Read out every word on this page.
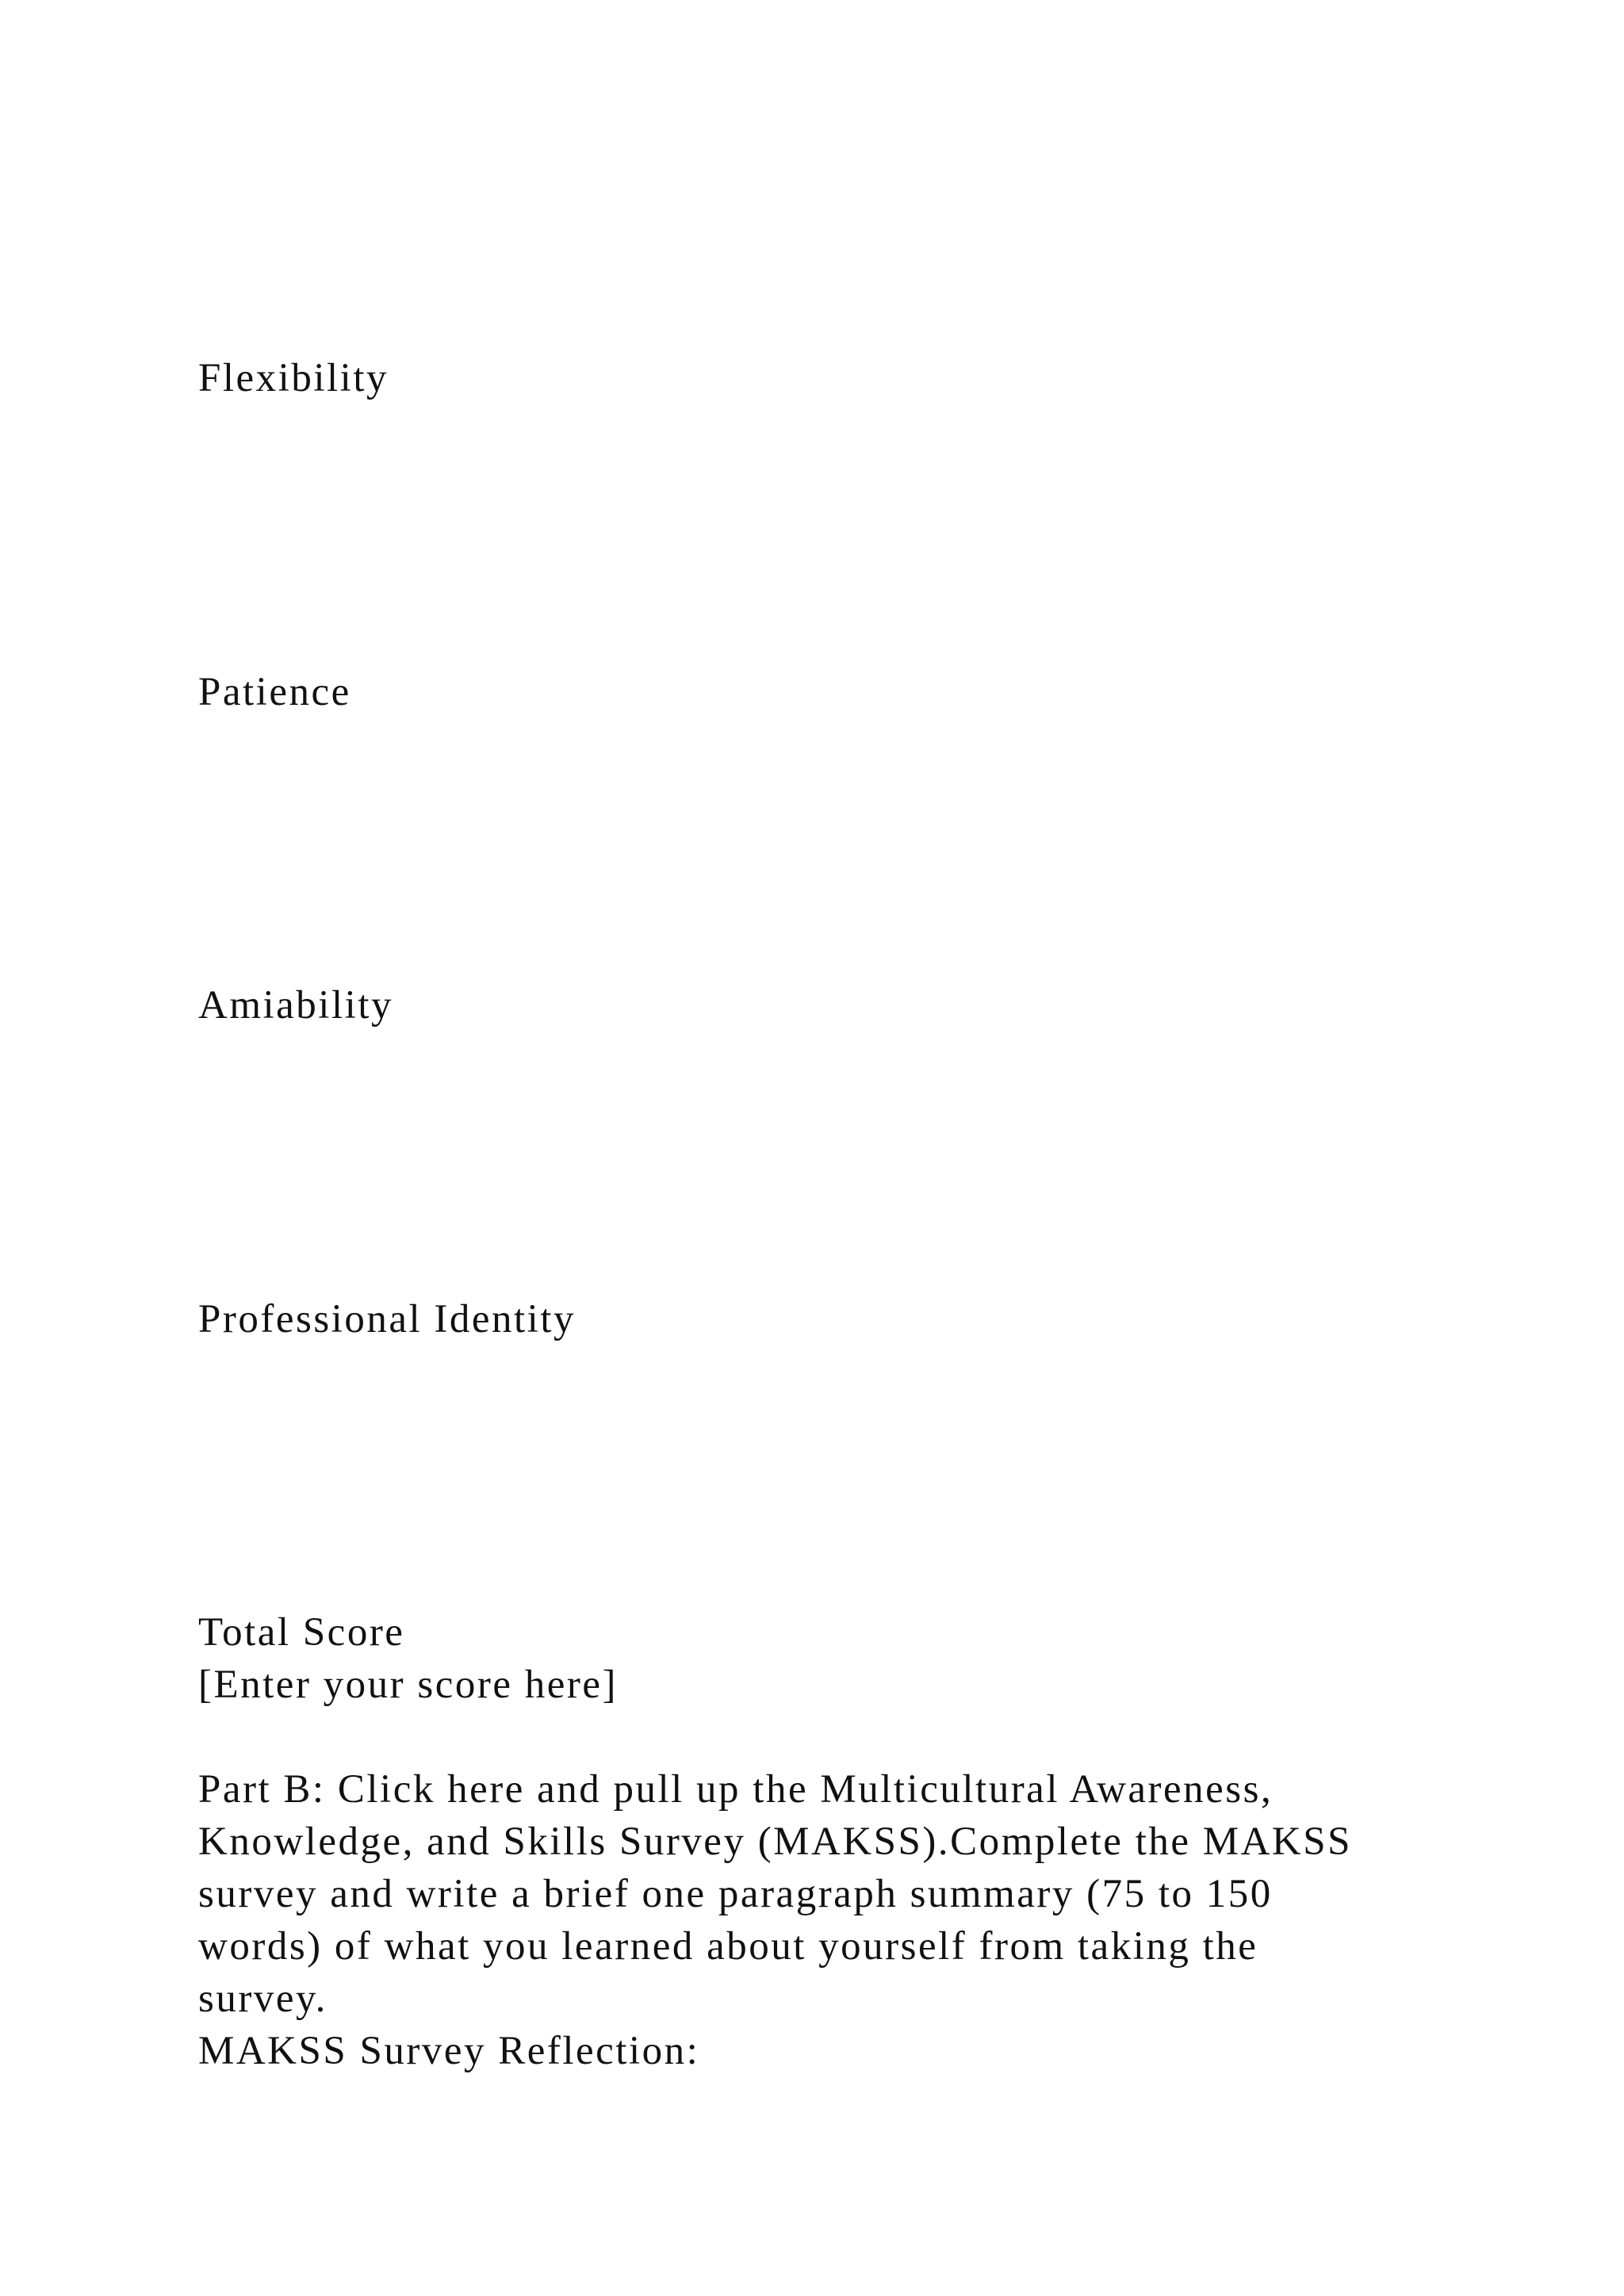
Flexibility
Patience
Amiability
Professional Identity
Total Score
[Enter your score here]
Part B: Click here and pull up the Multicultural Awareness,
Knowledge, and Skills Survey (MAKSS).Complete the MAKSS
survey and write a brief one paragraph summary (75 to 150
words) of what you learned about yourself from taking the
survey.
MAKSS Survey Reflection:
